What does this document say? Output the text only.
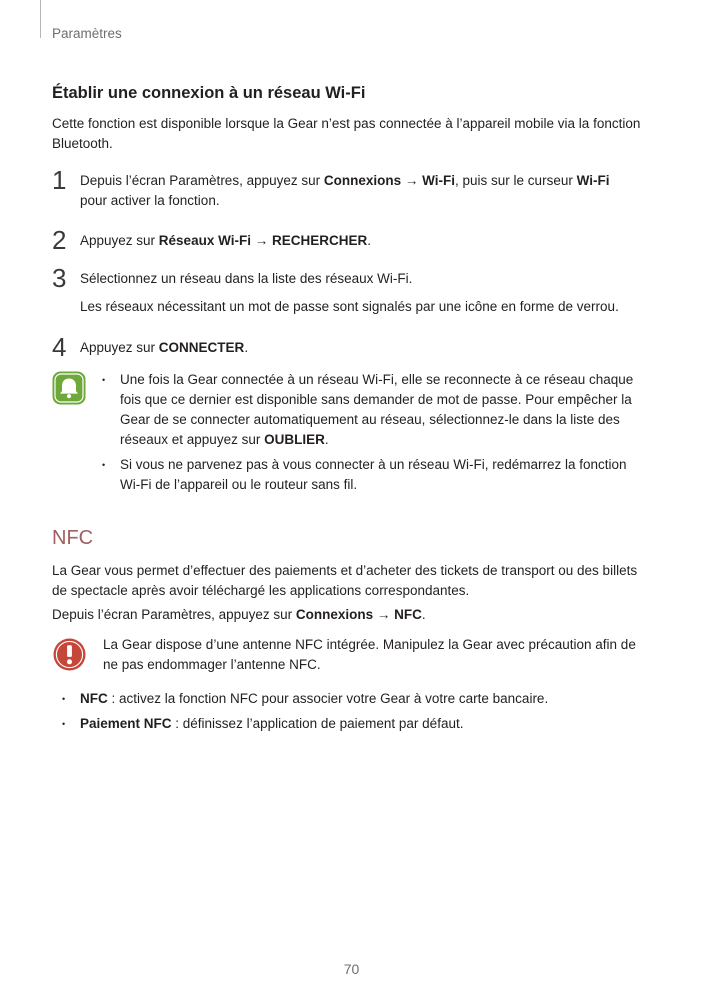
Paramètres
Établir une connexion à un réseau Wi-Fi
Cette fonction est disponible lorsque la Gear n’est pas connectée à l’appareil mobile via la fonction Bluetooth.
1 Depuis l’écran Paramètres, appuyez sur Connexions → Wi-Fi, puis sur le curseur Wi-Fi pour activer la fonction.
2 Appuyez sur Réseaux Wi-Fi → RECHERCHER.
3 Sélectionnez un réseau dans la liste des réseaux Wi-Fi.
Les réseaux nécessitant un mot de passe sont signalés par une icône en forme de verrou.
4 Appuyez sur CONNECTER.
• Une fois la Gear connectée à un réseau Wi-Fi, elle se reconnecte à ce réseau chaque fois que ce dernier est disponible sans demander de mot de passe. Pour empêcher la Gear de se connecter automatiquement au réseau, sélectionnez-le dans la liste des réseaux et appuyez sur OUBLIER.
• Si vous ne parvenez pas à vous connecter à un réseau Wi-Fi, redémarrez la fonction Wi-Fi de l’appareil ou le routeur sans fil.
NFC
La Gear vous permet d’effectuer des paiements et d’acheter des tickets de transport ou des billets de spectacle après avoir téléchargé les applications correspondantes.
Depuis l’écran Paramètres, appuyez sur Connexions → NFC.
La Gear dispose d’une antenne NFC intégrée. Manipulez la Gear avec précaution afin de ne pas endommager l’antenne NFC.
• NFC : activez la fonction NFC pour associer votre Gear à votre carte bancaire.
• Paiement NFC : définissez l’application de paiement par défaut.
70
